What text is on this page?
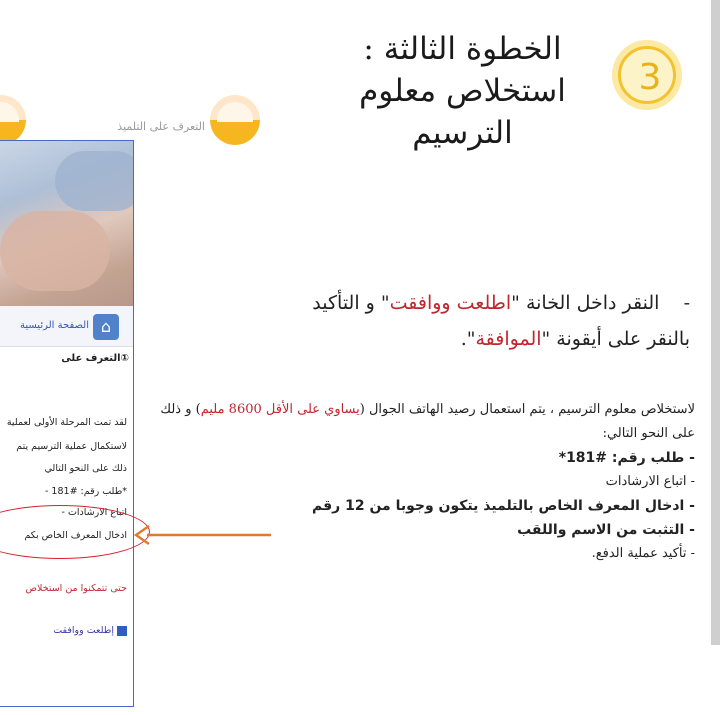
3
الخطوة الثالثة :
استخلاص معلوم
الترسيم
التعرف على التلميذ
⌂
الصفحة الرئيسية
①التعرف على
لقد تمت المرحلة الأولى لعملية
لاستكمال عملية الترسيم يتم
ذلك على النحو التالي
*طلب رقم: #181 -
اتباع الارشادات -
ادخال المعرف الخاص بكم
حتى تتمكنوا من استخلاص
إطلعت ووافقت
-    النقر داخل الخانة "اطلعت ووافقت" و التأكيد بالنقر على أيقونة "الموافقة".
لاستخلاص معلوم الترسيم ، يتم استعمال رصيد الهاتف الجوال (يساوي على الأقل 8600 مليم) و ذلك على النحو التالي:
- طلب رقم: #181*
- اتباع الارشادات
- ادخال المعرف الخاص بالتلميذ يتكون وجوبا من 12 رقم
- التثبت من الاسم واللقب
- تأكيد عملية الدفع.
